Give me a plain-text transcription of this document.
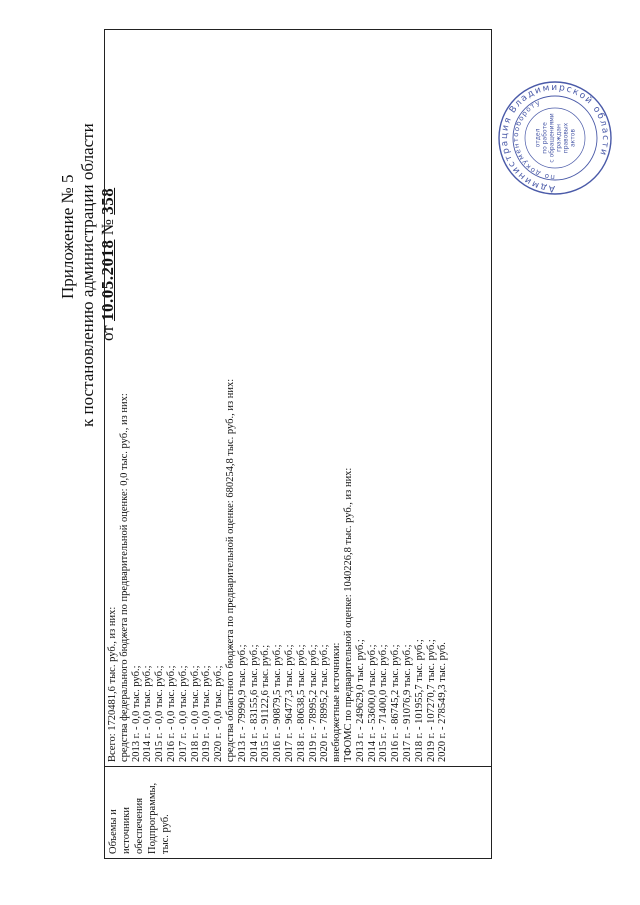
Приложение № 5 к постановлению администрации области от 10.05.2018 № 358
Объемы и источники обеспечения Подпрограммы, тыс. руб.
Всего: 1720481,6 тыс. руб., из них: средства федерального бюджета по предварительной оценке: 0,0 тыс. руб., из них: 2013 г. - 0,0 тыс. руб.; 2014 г. - 0,0 тыс. руб.; 2015 г. - 0,0 тыс. руб.; 2016 г. - 0,0 тыс. руб.; 2017 г. - 0,0 тыс. руб.; 2018 г. - 0,0 тыс. руб.; 2019 г. - 0,0 тыс. руб.; 2020 г. - 0,0 тыс. руб.; средства областного бюджета по предварительной оценке: 680254,8 тыс. руб., из них: 2013 г. - 79990,9 тыс. руб.; 2014 г. - 83155,6 тыс. руб.; 2015 г. - 91122,6 тыс. руб.; 2016 г. - 90879,5 тыс. руб.; 2017 г. - 96477,3 тыс. руб.; 2018 г. - 80638,5 тыс. руб.; 2019 г. - 78995,2 тыс. руб.; 2020 г. - 78995,2 тыс. руб.; внебюджетные источники: ТФОМС по предварительной оценке: 1040226,8 тыс. руб., из них: 2013 г. - 249629,0 тыс. руб.; 2014 г. - 53600,0 тыс. руб.; 2015 г. - 71400,0 тыс. руб.; 2016 г. - 86745,2 тыс. руб.; 2017 г. - 91076,9 тыс. руб.; 2018 г. - 101955,7 тыс. руб.; 2019 г. - 107270,7 тыс. руб.; 2020 г. - 278549,3 тыс. руб.
Администрация Владимирской области
по документообороту
отдел по работе с обращениями граждан правовых актов
